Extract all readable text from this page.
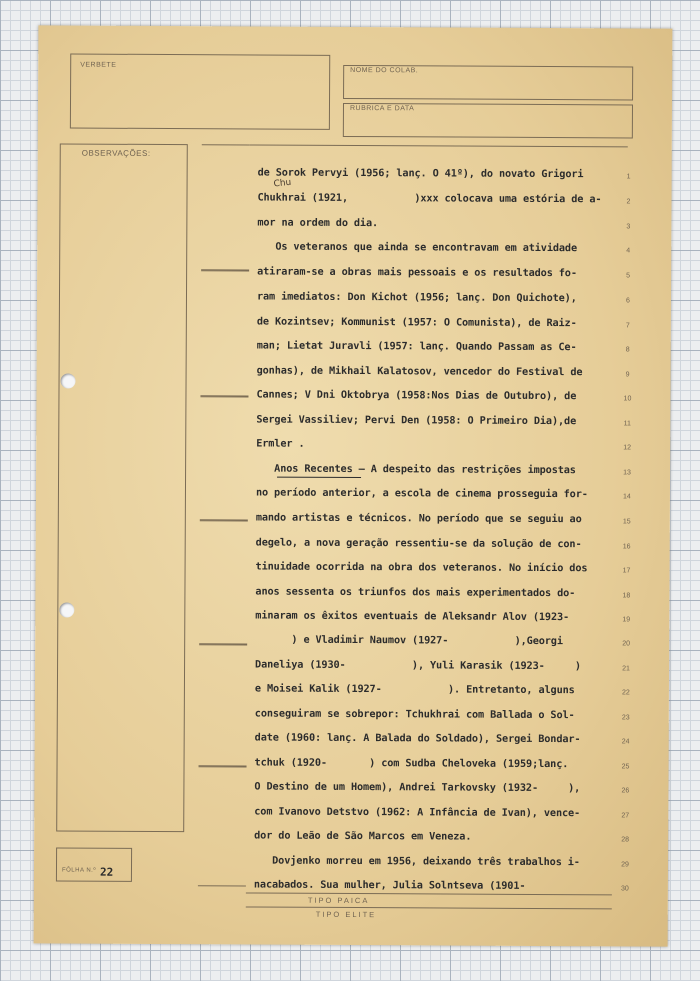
VERBETE
NOME DO COLAB.
RUBRICA E DATA
OBSERVAÇÕES:
FÔLHA N.º 22
TIPO PAICA
TIPO ELITE
Chu
de Sorok Pervyi (1956; lanç. O 41º), do novato Grigori
Chukhrai (1921,           )xxx colocava uma estória de a-
mor na ordem do dia.
Os veteranos que ainda se encontravam em atividade
atiraram-se a obras mais pessoais e os resultados fo-
ram imediatos: Don Kichot (1956; lanç. Don Quichote),
de Kozintsev; Kommunist (1957: O Comunista), de Raiz-
man; Lietat Juravli (1957: lanç. Quando Passam as Ce-
gonhas), de Mikhail Kalatosov, vencedor do Festival de
Cannes; V Dni Oktobrya (1958:Nos Dias de Outubro), de
Sergei Vassiliev; Pervi Den (1958: O Primeiro Dia),de
Ermler .
Anos Recentes — A despeito das restrições impostas
no período anterior, a escola de cinema prosseguia for-
mando artistas e técnicos. No período que se seguiu ao
degelo, a nova geração ressentiu-se da solução de con-
tinuidade ocorrida na obra dos veteranos. No início dos
anos sessenta os triunfos dos mais experimentados do-
minaram os êxitos eventuais de Aleksandr Alov (1923-
) e Vladimir Naumov (1927-           ),Georgi
Daneliya (1930-           ), Yuli Karasik (1923-     )
e Moisei Kalik (1927-           ). Entretanto, alguns
conseguiram se sobrepor: Tchukhrai com Ballada o Sol-
date (1960: lanç. A Balada do Soldado), Sergei Bondar-
tchuk (1920-       ) com Sudba Cheloveka (1959;lanç.
O Destino de um Homem), Andrei Tarkovsky (1932-     ),
com Ivanovo Detstvo (1962: A Infância de Ivan), vence-
dor do Leão de São Marcos em Veneza.
Dovjenko morreu em 1956, deixando três trabalhos i-
nacabados. Sua mulher, Julia Solntseva (1901-
1
2
3
4
5
6
7
8
9
10
11
12
13
14
15
16
17
18
19
20
21
22
23
24
25
26
27
28
29
30
